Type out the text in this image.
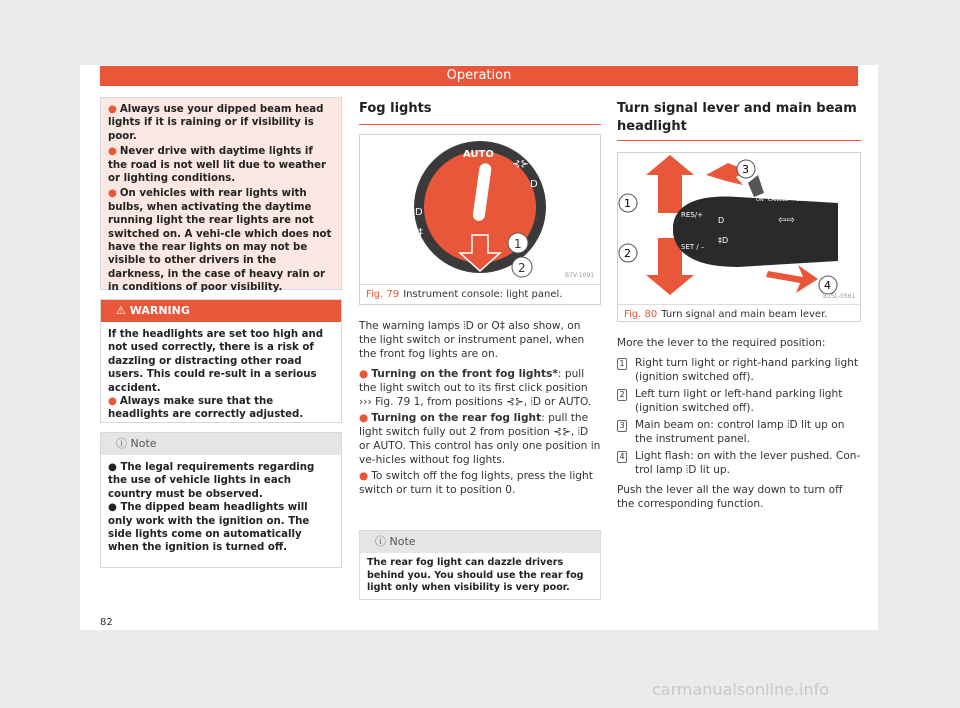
Operation

● Always use your dipped beam head lights if it is raining or if visibility is poor.

● Never drive with daytime lights if the road is not well lit due to weather or lighting conditions.

● On vehicles with rear lights with bulbs, when activating the daytime running light the rear lights are not switched on. A vehi-cle which does not have the rear lights on may not be visible to other drivers in the darkness, in the case of heavy rain or in conditions of poor visibility.

⚠ WARNING

If the headlights are set too high and not used correctly, there is a risk of dazzling or distracting other road users. This could re-sult in a serious accident.

● Always make sure that the headlights are correctly adjusted.

ⓘ Note

● The legal requirements regarding the use of vehicle lights in each country must be observed.

● The dipped beam headlights will only work with the ignition on. The side lights come on automatically when the ignition is turned off.

82
Fog lights
0	AUTO
⊰⊱
D
‡D
O‡
1
2
B7V-1091
Fig. 79 Instrument console: light panel.
The warning lamps ⦙D or O‡ also show, on the light switch or instrument panel, when the front fog lights are on.
● Turning on the front fog lights*: pull the light switch out to its first click position ››› Fig. 79 1, from positions ⊰⊱, ⦙D or AUTO.
● Turning on the rear fog light: pull the light switch fully out 2 from position ⊰⊱, ⦙D or AUTO. This control has only one position in ve-hicles without fog lights.
● To switch off the fog lights, press the light switch or turn it to position 0.
ⓘ Note
The rear fog light can dazzle drivers behind you. You should use the rear fog light only when visibility is very poor.
Turn signal lever and main beam headlight
RES/+
SET / –
ON CANCEL OFF
D	⇦⇨
‡D
1
2
3
4
B1SL-0561
Fig. 80 Turn signal and main beam lever.
More the lever to the required position:
1 Right turn light or right-hand parking light (ignition switched off).
2 Left turn light or left-hand parking light (ignition switched off).
3 Main beam on: control lamp ⦙D lit up on the instrument panel.
4 Light flash: on with the lever pushed. Con-trol lamp ⦙D lit up.
Push the lever all the way down to turn off the corresponding function.
carmanualsonline.info
